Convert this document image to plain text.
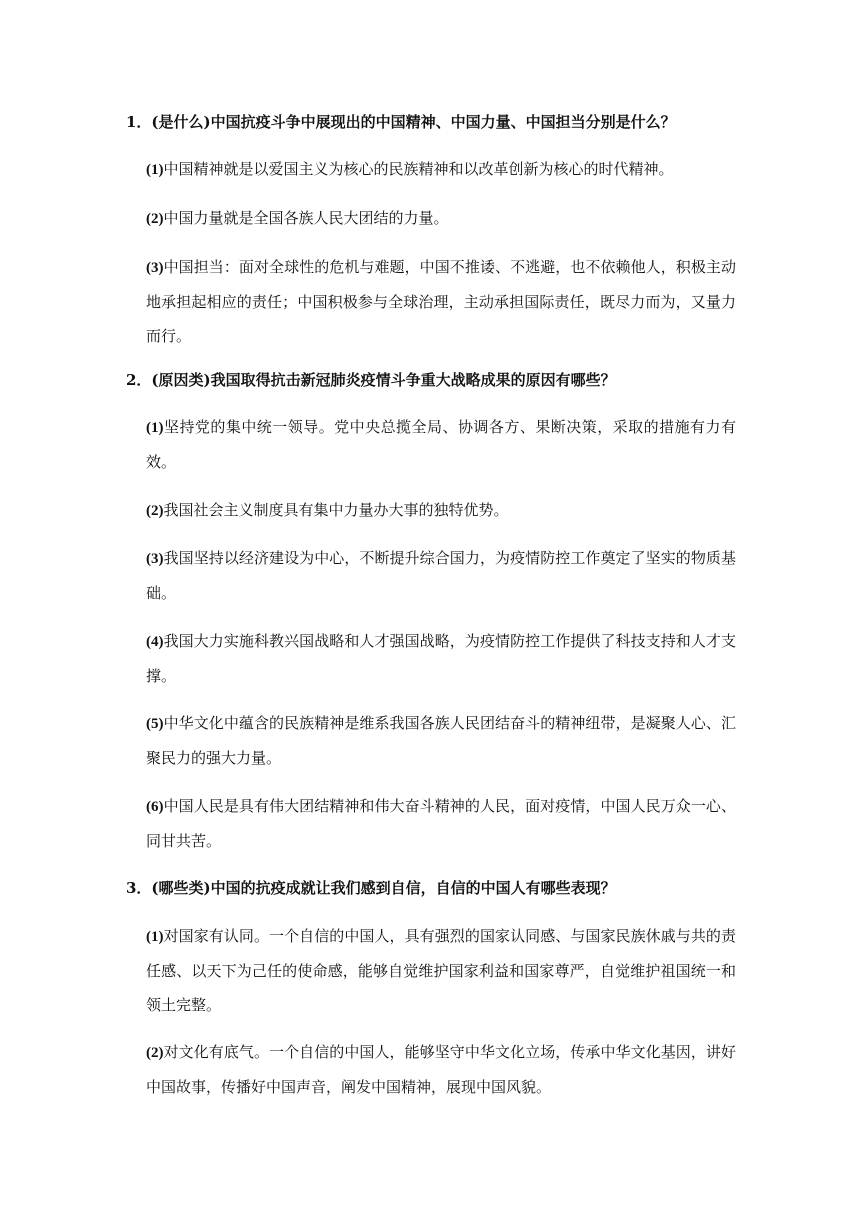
1．(是什么)中国抗疫斗争中展现出的中国精神、中国力量、中国担当分别是什么？
(1)中国精神就是以爱国主义为核心的民族精神和以改革创新为核心的时代精神。
(2)中国力量就是全国各族人民大团结的力量。
(3)中国担当：面对全球性的危机与难题，中国不推诿、不逃避，也不依赖他人，积极主动地承担起相应的责任；中国积极参与全球治理，主动承担国际责任，既尽力而为，又量力而行。
2．(原因类)我国取得抗击新冠肺炎疫情斗争重大战略成果的原因有哪些？
(1)坚持党的集中统一领导。党中央总揽全局、协调各方、果断决策，采取的措施有力有效。
(2)我国社会主义制度具有集中力量办大事的独特优势。
(3)我国坚持以经济建设为中心，不断提升综合国力，为疫情防控工作奠定了坚实的物质基础。
(4)我国大力实施科教兴国战略和人才强国战略，为疫情防控工作提供了科技支持和人才支撑。
(5)中华文化中蕴含的民族精神是维系我国各族人民团结奋斗的精神纽带，是凝聚人心、汇聚民力的强大力量。
(6)中国人民是具有伟大团结精神和伟大奋斗精神的人民，面对疫情，中国人民万众一心、同甘共苦。
3．(哪些类)中国的抗疫成就让我们感到自信，自信的中国人有哪些表现？
(1)对国家有认同。一个自信的中国人，具有强烈的国家认同感、与国家民族休戚与共的责任感、以天下为己任的使命感，能够自觉维护国家利益和国家尊严，自觉维护祖国统一和领土完整。
(2)对文化有底气。一个自信的中国人，能够坚守中华文化立场，传承中华文化基因，讲好中国故事，传播好中国声音，阐发中国精神，展现中国风貌。
